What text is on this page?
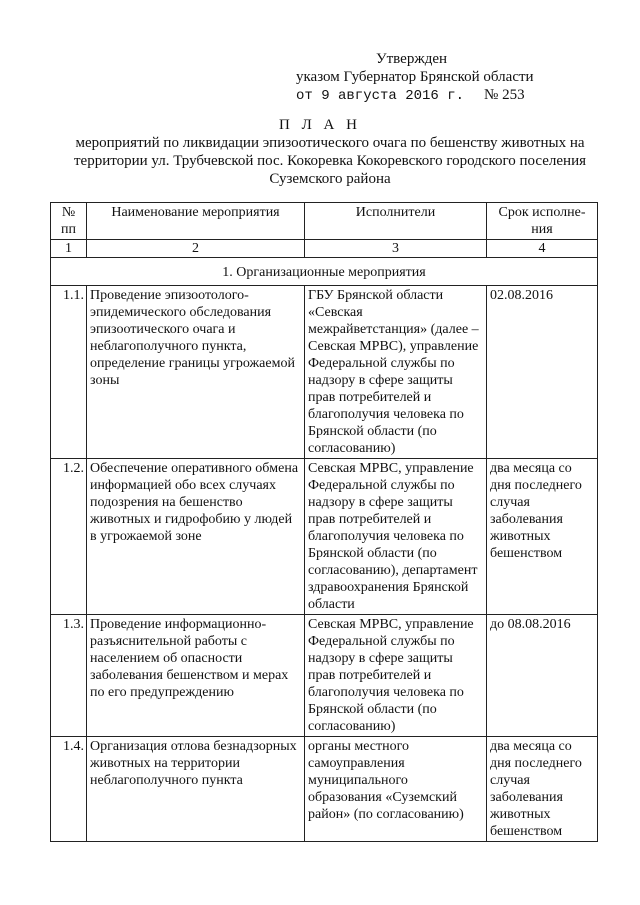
Утвержден
указом Губернатор Брянской области
от 9 августа 2016 г. № 253
П Л А Н
мероприятий по ликвидации эпизоотического очага по бешенству животных на территории ул. Трубчевской пос. Кокоревка Кокоревского городского поселения Суземского района
№ пп	Наименование мероприятия	Исполнители	Срок исполне-ния
1	2	3	4
1. Организационные мероприятия			
1.1.	Проведение эпизоотолого-эпидемического обследования эпизоотического очага и неблагополучного пункта, определение границы угрожаемой зоны	ГБУ Брянской области «Севская межрайветстанция» (далее – Севская МРВС), управление Федеральной службы по надзору в сфере защиты прав потребителей и благополучия человека по Брянской области (по согласованию)	02.08.2016
1.2.	Обеспечение оперативного обмена информацией обо всех случаях подозрения на бешенство животных и гидрофобию у людей в угрожаемой зоне	Севская МРВС, управление Федеральной службы по надзору в сфере защиты прав потребителей и благополучия человека по Брянской области (по согласованию), департамент здравоохранения Брянской области	два месяца со дня последнего случая заболевания животных бешенством
1.3.	Проведение информационно-разъяснительной работы с населением об опасности заболевания бешенством и мерах по его предупреждению	Севская МРВС, управление Федеральной службы по надзору в сфере защиты прав потребителей и благополучия человека по Брянской области (по согласованию)	до 08.08.2016
1.4.	Организация отлова безнадзорных животных на территории неблагополучного пункта	органы местного самоуправления муниципального образования «Суземский район» (по согласованию)	два месяца со дня последнего случая заболевания животных бешенством
